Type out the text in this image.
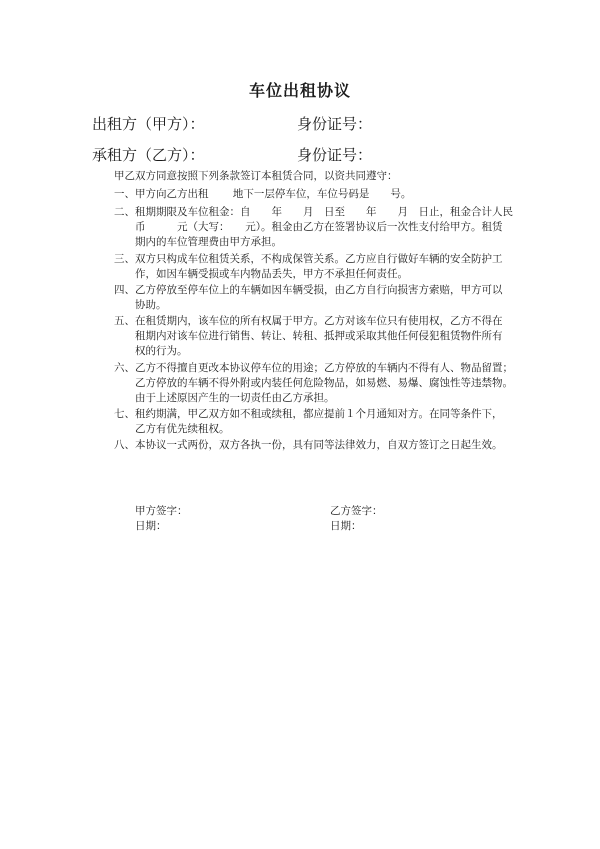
车位出租协议
出租方（甲方）：	身份证号：
承租方（乙方）：	身份证号：
甲乙双方同意按照下列条款签订本租赁合同，以资共同遵守：
一、甲方向乙方出租　　 地下一层停车位，车位号码是　　号。
二、租期期限及车位租金：自　　年　　月　日至　　年　　月　日止，租金合计人民
币　　　元（大写：　　元）。租金由乙方在签署协议后一次性支付给甲方。租赁
期内的车位管理费由甲方承担。
三、双方只构成车位租赁关系，不构成保管关系。乙方应自行做好车辆的安全防护工
作，如因车辆受损或车内物品丢失，甲方不承担任何责任。
四、乙方停放至停车位上的车辆如因车辆受损，由乙方自行向损害方索赔，甲方可以
协助。
五、在租赁期内，该车位的所有权属于甲方。乙方对该车位只有使用权，乙方不得在
租期内对该车位进行销售、转让、转租、抵押或采取其他任何侵犯租赁物件所有
权的行为。
六、乙方不得擅自更改本协议停车位的用途；乙方停放的车辆内不得有人、物品留置；
乙方停放的车辆不得外附或内装任何危险物品，如易燃、易爆、腐蚀性等违禁物。
由于上述原因产生的一切责任由乙方承担。
七、租约期满，甲乙双方如不租或续租，都应提前１个月通知对方。在同等条件下，
乙方有优先续租权。
八、本协议一式两份，双方各执一份，具有同等法律效力，自双方签订之日起生效。
甲方签字：
日期：
乙方签字：
日期：
